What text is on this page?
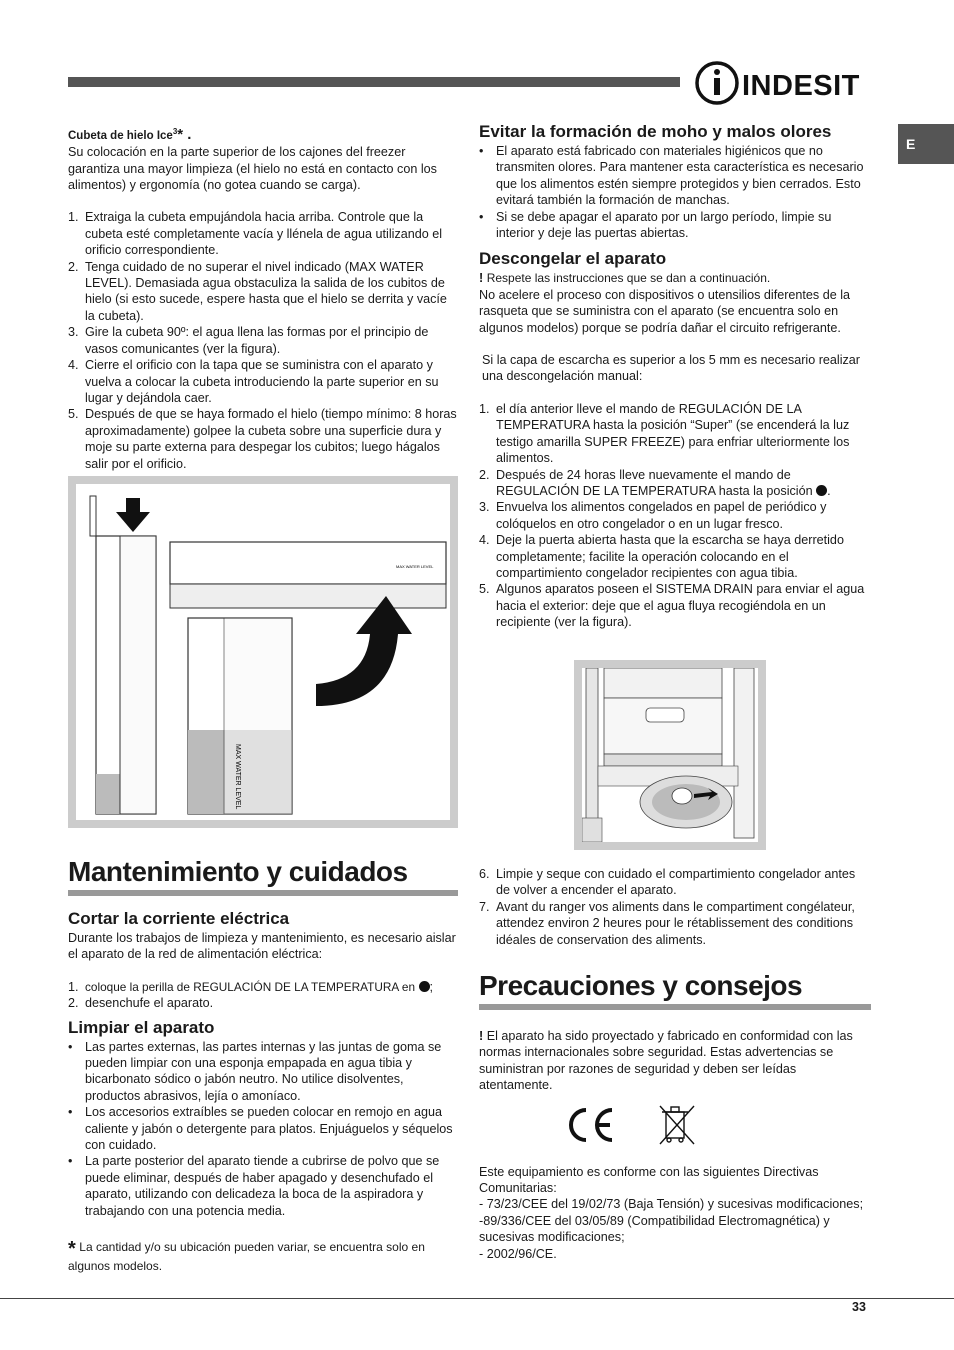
INDESIT
E

Cubeta de hielo Ice$^3$* .

Su colocación en la parte superior de los cajones del freezer garantiza una mayor limpieza (el hielo no está en contacto con los alimentos) y ergonomía (no gotea cuando se carga).

1. Extraiga la cubeta empujándola hacia arriba. Controle que la cubeta esté completamente vacía y llénela de agua utilizando el orificio correspondiente.
2. Tenga cuidado de no superar el nivel indicado (MAX WATER LEVEL). Demasiada agua obstaculiza la salida de los cubitos de hielo (si esto sucede, espere hasta que el hielo se derrita y vacíe la cubeta).
3. Gire la cubeta 90º: el agua llena las formas por el principio de vasos comunicantes (ver la figura).
4. Cierre el orificio con la tapa que se suministra con el aparato y vuelva a colocar la cubeta introduciendo la parte superior en su lugar y dejándola caer.
5. Después de que se haya formado el hielo (tiempo mínimo: 8 horas aproximadamente) golpee la cubeta sobre una superficie dura y moje su parte externa para despegar los cubitos; luego hágalos salir por el orificio.
MAX WATER LEVEL
MAX WATER LEVEL
Mantenimiento y cuidados
Cortar la corriente eléctrica

Durante los trabajos de limpieza y mantenimiento, es necesario aislar el aparato de la red de alimentación eléctrica:

1. coloque la perilla de REGULACIÓN DE LA TEMPERATURA en ;
2. desenchufe el aparato.
Limpiar el aparato
• Las partes externas, las partes internas y las juntas de goma se pueden limpiar con una esponja empapada en agua tibia y bicarbonato sódico o jabón neutro. No utilice disolventes, productos abrasivos, lejía o amoníaco.
• Los accesorios extraíbles se pueden colocar en remojo en agua caliente y jabón o detergente para platos. Enjuáguelos y séquelos con cuidado.
• La parte posterior del aparato tiende a cubrirse de polvo que se puede eliminar, después de haber apagado y desenchufado el aparato, utilizando con delicadeza la boca de la aspiradora y trabajando con una potencia media.

* La cantidad y/o su ubicación pueden variar, se encuentra solo en algunos modelos.

Evitar la formación de moho y malos olores
• El aparato está fabricado con materiales higiénicos que no transmiten olores. Para mantener esta característica es necesario que los alimentos estén siempre protegidos y bien cerrados. Esto evitará también la formación de manchas.
• Si se debe apagar el aparato por un largo período, limpie su interior y deje las puertas abiertas.
Descongelar el aparato

! Respete las instrucciones que se dan a continuación.

No acelere el proceso con dispositivos o utensilios diferentes de la rasqueta que se suministra con el aparato (se encuentra solo en algunos modelos) porque se podría dañar el circuito refrigerante.

Si la capa de escarcha es superior a los 5 mm es necesario realizar una descongelación manual:

1. el día anterior lleve el mando de REGULACIÓN DE LA TEMPERATURA hasta la posición “Super” (se encenderá la luz testigo amarilla SUPER FREEZE) para enfriar ulteriormente los alimentos.
2. Después de 24 horas lleve nuevamente el mando de REGULACIÓN DE LA TEMPERATURA hasta la posición .
3. Envuelva los alimentos congelados en papel de periódico y colóquelos en otro congelador o en un lugar fresco.
4. Deje la puerta abierta hasta que la escarcha se haya derretido completamente; facilite la operación colocando en el compartimiento congelador recipientes con agua tibia.
5. Algunos aparatos poseen el SISTEMA DRAIN para enviar el agua hacia el exterior: deje que el agua fluya recogiéndola en un recipiente (ver la figura).
6. Limpie y seque con cuidado el compartimiento congelador antes de volver a encender el aparato.
7. Avant du ranger vos aliments dans le compartiment congélateur, attendez environ 2 heures pour le rétablissement des conditions idéales de conservation des aliments.
Precauciones y consejos

! El aparato ha sido proyectado y fabricado en conformidad con las normas internacionales sobre seguridad. Estas advertencias se suministran por razones de seguridad y deben ser leídas atentamente.

Este equipamiento es conforme con las siguientes Directivas Comunitarias:

- 73/23/CEE del 19/02/73 (Baja Tensión) y sucesivas modificaciones;

-89/336/CEE del 03/05/89 (Compatibilidad Electromagnética) y sucesivas modificaciones;

- 2002/96/CE.

33
